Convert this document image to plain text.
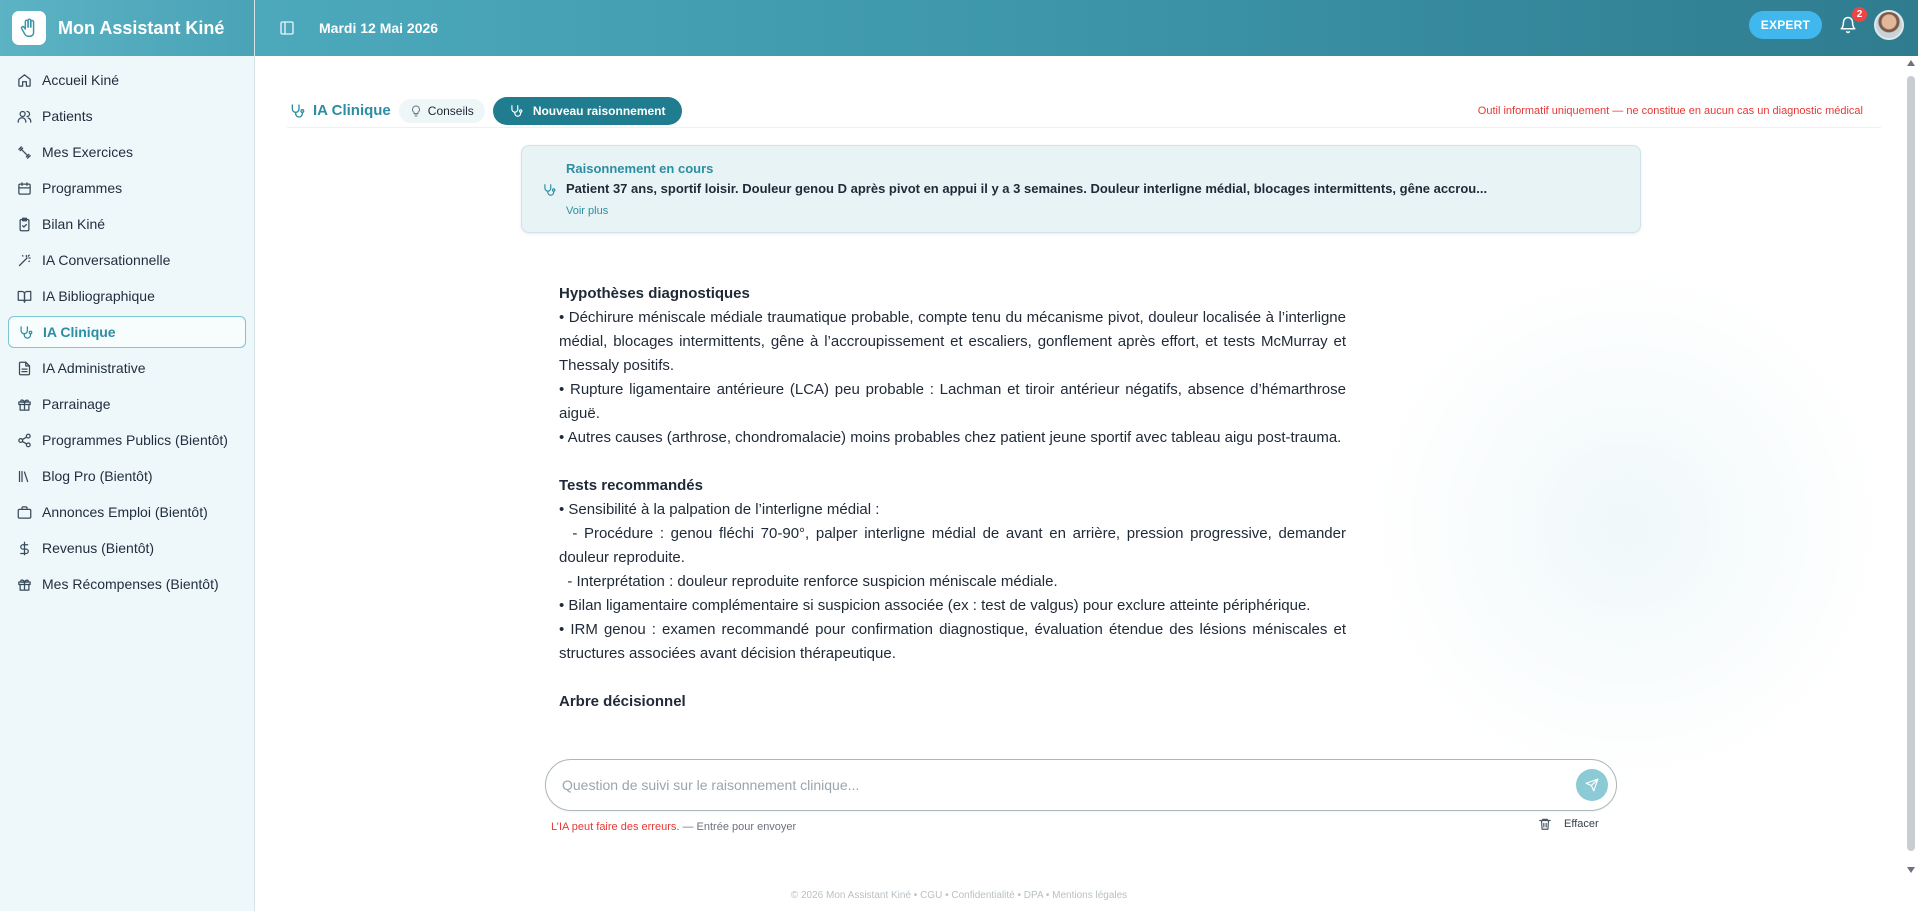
Mon Assistant Kiné
Accueil Kiné
Patients
Mes Exercices
Programmes
Bilan Kiné
IA Conversationnelle
IA Bibliographique
IA Clinique
IA Administrative
Parrainage
Programmes Publics (Bientôt)
Blog Pro (Bientôt)
Annonces Emploi (Bientôt)
Revenus (Bientôt)
Mes Récompenses (Bientôt)
Mardi 12 Mai 2026	EXPERT
2
IA Clinique	Conseils	Nouveau raisonnement	Outil informatif uniquement — ne constitue en aucun cas un diagnostic médical
Raisonnement en cours
Patient 37 ans, sportif loisir. Douleur genou D après pivot en appui il y a 3 semaines. Douleur interligne médial, blocages intermittents, gêne accrou...
Voir plus
Hypothèses diagnostiques
• Déchirure méniscale médiale traumatique probable, compte tenu du mécanisme pivot, douleur localisée à l’interligne médial, blocages intermittents, gêne à l’accroupissement et escaliers, gonflement après effort, et tests McMurray et Thessaly positifs.
• Rupture ligamentaire antérieure (LCA) peu probable : Lachman et tiroir antérieur négatifs, absence d’hémarthrose aiguë.
• Autres causes (arthrose, chondromalacie) moins probables chez patient jeune sportif avec tableau aigu post-trauma.
Tests recommandés
• Sensibilité à la palpation de l’interligne médial :
- Procédure : genou fléchi 70-90°, palper interligne médial de avant en arrière, pression progressive, demander douleur reproduite.
- Interprétation : douleur reproduite renforce suspicion méniscale médiale.
• Bilan ligamentaire complémentaire si suspicion associée (ex : test de valgus) pour exclure atteinte périphérique.
• IRM genou : examen recommandé pour confirmation diagnostique, évaluation étendue des lésions méniscales et structures associées avant décision thérapeutique.
Arbre décisionnel
Question de suivi sur le raisonnement clinique...
L’IA peut faire des erreurs. — Entrée pour envoyer	Effacer
© 2026 Mon Assistant Kiné • CGU • Confidentialité • DPA • Mentions légales
